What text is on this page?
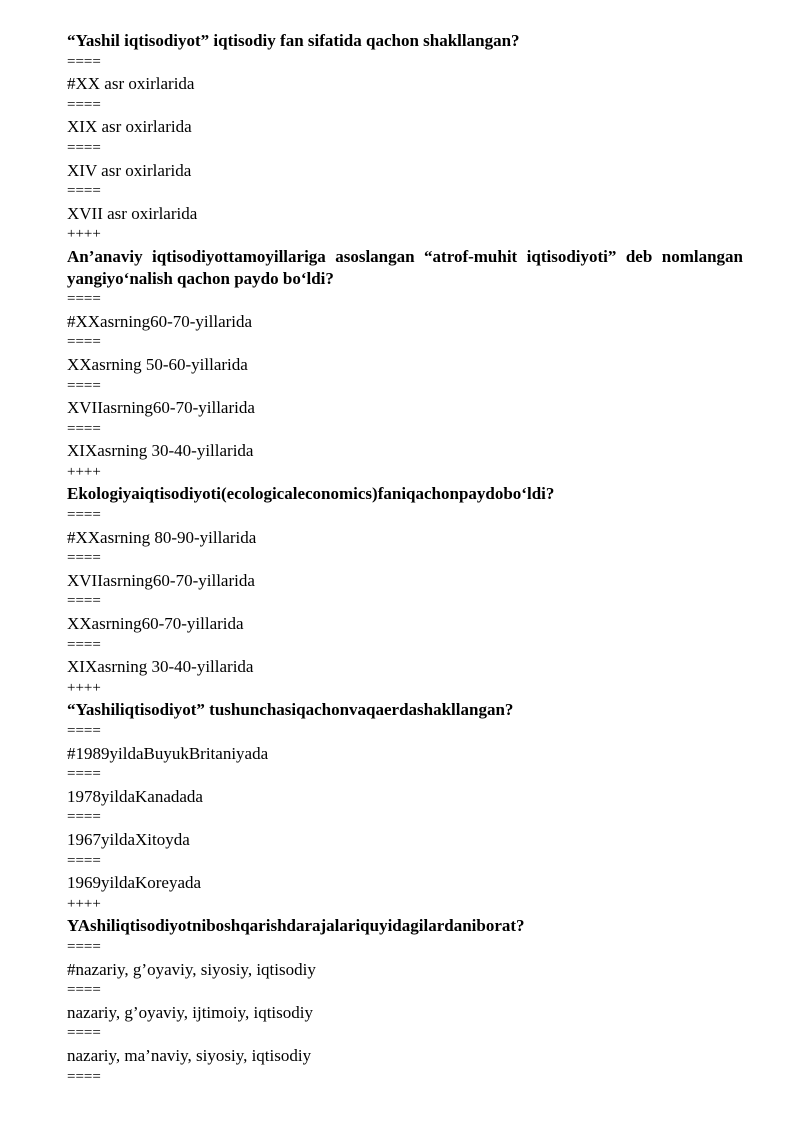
“Yashil iqtisodiyot” iqtisodiy fan sifatida qachon shakllangan?
====
#XX asr oxirlarida
====
XIX asr oxirlarida
====
XIV asr oxirlarida
====
XVII asr oxirlarida
++++
An’anaviy iqtisodiyottamoyillariga asoslangan “atrof-muhit iqtisodiyoti” deb nomlangan yangiyo‘nalish qachon paydo bo‘ldi?
====
#XXasrning60-70-yillarida
====
XXasrning 50-60-yillarida
====
XVIIasrning60-70-yillarida
====
XIXasrning 30-40-yillarida
++++
Ekologiyaiqtisodiyoti(ecologicaleconomics)faniqachonpaydobo‘ldi?
====
#XXasrning 80-90-yillarida
====
XVIIasrning60-70-yillarida
====
XXasrning60-70-yillarida
====
XIXasrning 30-40-yillarida
++++
“Yashiliqtisodiyot” tushunchasiqachonvaqaerdashakllangan?
====
#1989yildaBuyukBritaniyada
====
1978yildaKanadada
====
1967yildaXitoyda
====
1969yildaKoreyada
++++
YAshiliqtisodiyotniboshqarishdarajalariquyidagilardaniborat?
====
#nazariy, g’oyaviy, siyosiy, iqtisodiy
====
nazariy, g’oyaviy, ijtimoiy, iqtisodiy
====
nazariy, ma’naviy, siyosiy, iqtisodiy
====
